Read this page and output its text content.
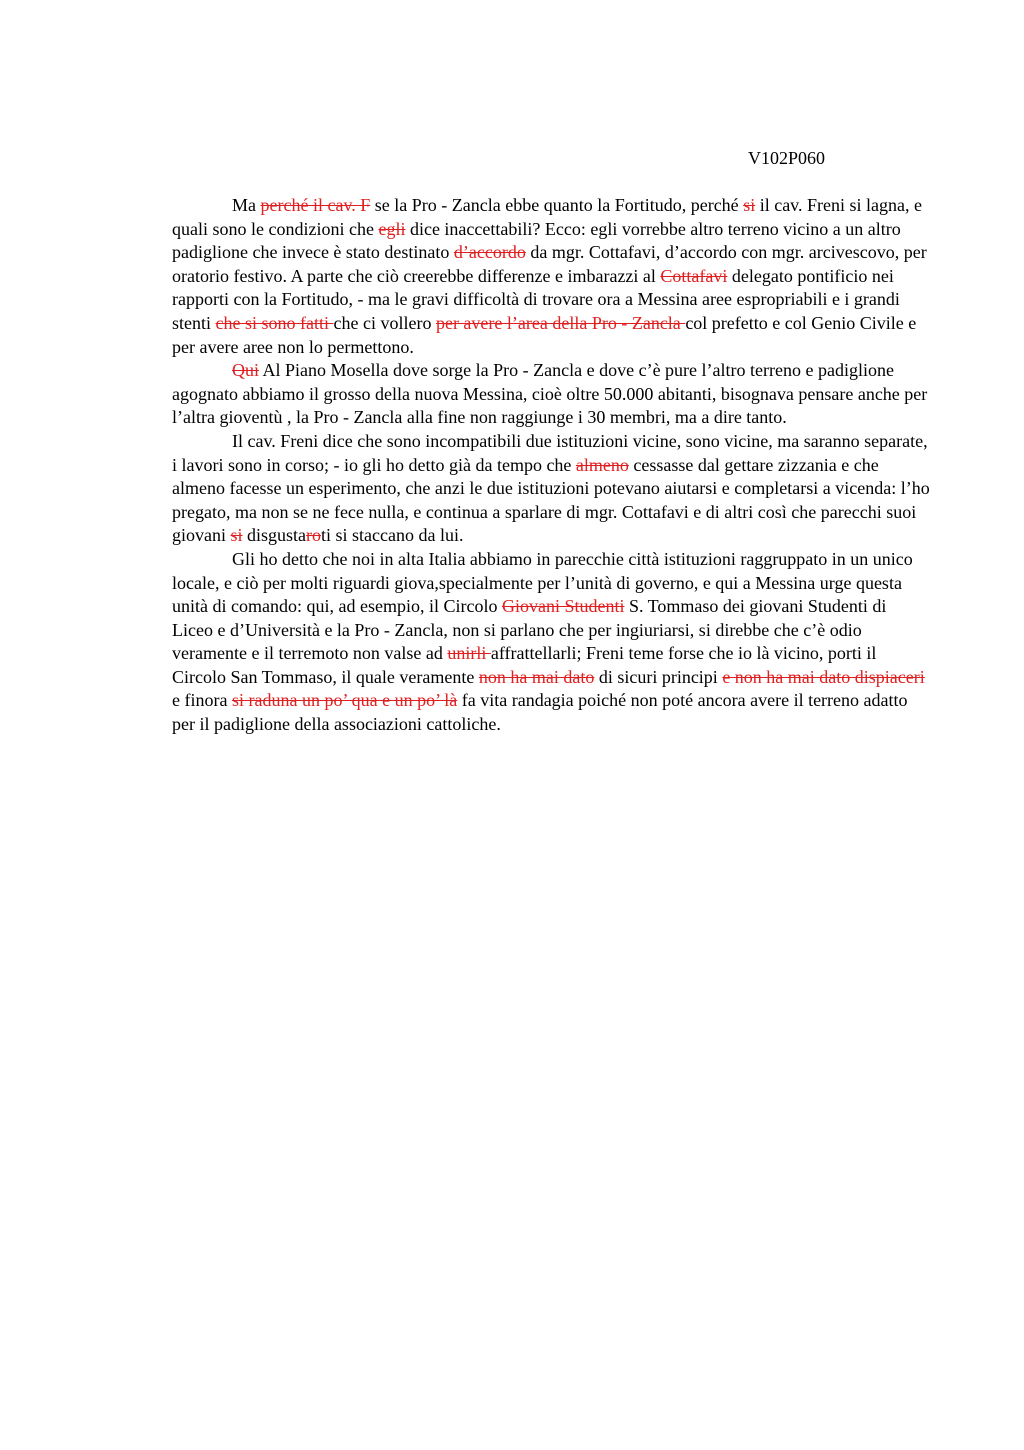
V102P060

Ma perché il cav. F se la Pro - Zancla ebbe quanto la Fortitudo, perché si il cav. Freni si lagna, e quali sono le condizioni che egli dice inaccettabili? Ecco: egli vorrebbe altro terreno vicino a un altro padiglione che invece è stato destinato d’accordo da mgr. Cottafavi, d’accordo con mgr. arcivescovo, per oratorio festivo. A parte che ciò creerebbe differenze e imbarazzi al Cottafavi delegato pontificio nei rapporti con la Fortitudo, - ma le gravi difficoltà di trovare ora a Messina aree espropriabili e i grandi stenti che si sono fatti che ci vollero per avere l’area della Pro - Zancla col prefetto e col Genio Civile e per avere aree non lo permettono.

Qui Al Piano Mosella dove sorge la Pro - Zancla e dove c’è pure l’altro terreno e padiglione agognato abbiamo il grosso della nuova Messina, cioè oltre 50.000 abitanti, bisognava pensare anche per l’altra gioventù , la Pro - Zancla alla fine non raggiunge i 30 membri, ma a dire tanto.

Il cav. Freni dice che sono incompatibili due istituzioni vicine, sono vicine, ma saranno separate, i lavori sono in corso; - io gli ho detto già da tempo che almeno cessasse dal gettare zizzania e che almeno facesse un esperimento, che anzi le due istituzioni potevano aiutarsi e completarsi a vicenda: l’ho pregato, ma non se ne fece nulla, e continua a sparlare di mgr. Cottafavi e di altri così che parecchi suoi giovani si disgustaroti si staccano da lui.

Gli ho detto che noi in alta Italia abbiamo in parecchie città istituzioni raggruppato in un unico locale, e ciò per molti riguardi giova,specialmente per l’unità di governo, e qui a Messina urge questa unità di comando: qui, ad esempio, il Circolo Giovani Studenti S. Tommaso dei giovani Studenti di Liceo e d’Università e la Pro - Zancla, non si parlano che per ingiuriarsi, si direbbe che c’è odio veramente e il terremoto non valse ad unirli affrattellarli; Freni teme forse che io là vicino, porti il Circolo San Tommaso, il quale veramente non ha mai dato di sicuri principi e non ha mai dato dispiaceri e finora si raduna un po’ qua e un po’ là fa vita randagia poiché non poté ancora avere il terreno adatto per il padiglione della associazioni cattoliche.
